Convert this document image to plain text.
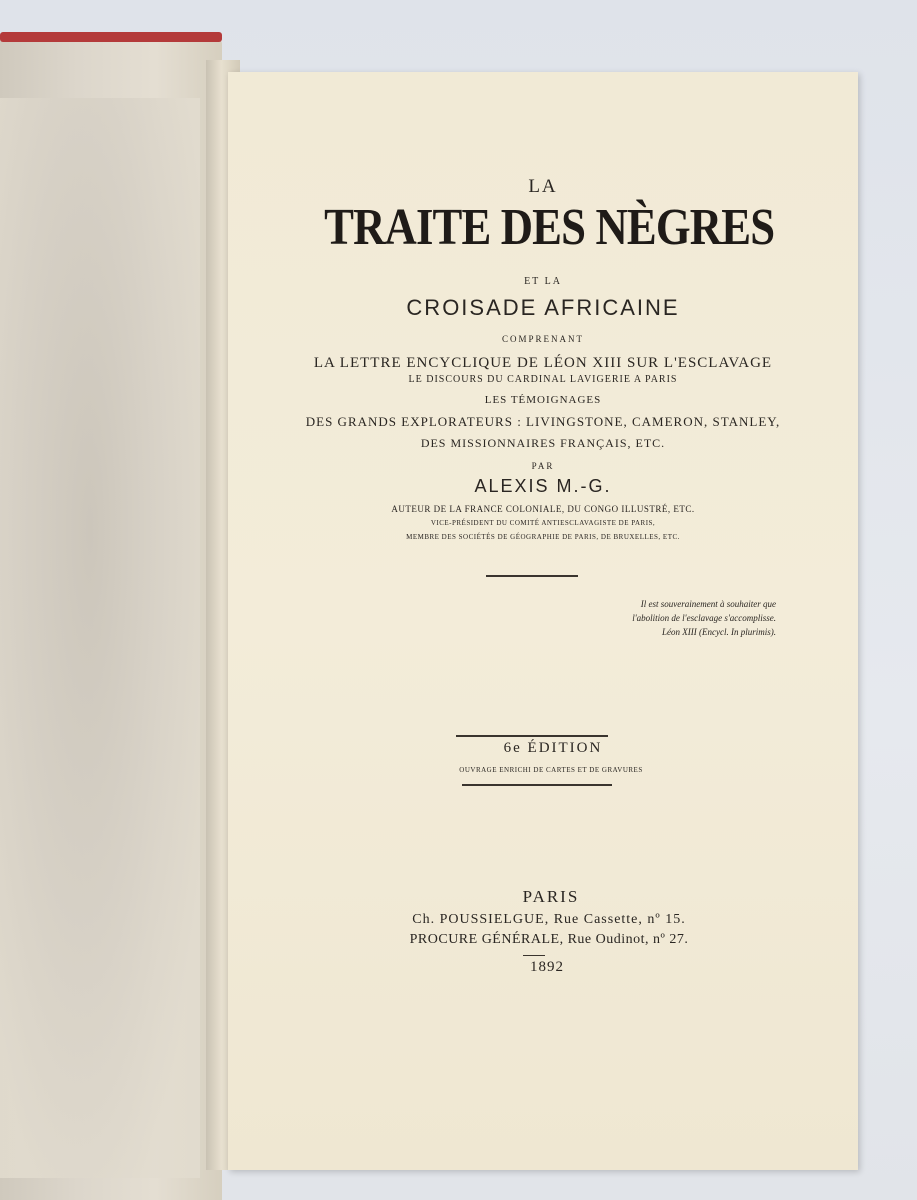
LA
TRAITE DES NÈGRES
ET LA
CROISADE AFRICAINE
COMPRENANT
LA LETTRE ENCYCLIQUE DE LÉON XIII SUR L'ESCLAVAGE
LE DISCOURS DU CARDINAL LAVIGERIE A PARIS
LES TÉMOIGNAGES
DES GRANDS EXPLORATEURS : LIVINGSTONE, CAMERON, STANLEY,
DES MISSIONNAIRES FRANÇAIS, ETC.
PAR
ALEXIS M.-G.
AUTEUR DE LA FRANCE COLONIALE, DU CONGO ILLUSTRÉ, ETC.
VICE-PRÉSIDENT DU COMITÉ ANTIESCLAVAGISTE DE PARIS,
MEMBRE DES SOCIÉTÉS DE GÉOGRAPHIE DE PARIS, DE BRUXELLES, ETC.
Il est souverainement à souhaiter que
l'abolition de l'esclavage s'accomplisse.
Léon XIII (Encycl. In plurimis).
6e ÉDITION
OUVRAGE ENRICHI DE CARTES ET DE GRAVURES
PARIS
Ch. POUSSIELGUE, Rue Cassette, nº 15.
PROCURE GÉNÉRALE, Rue Oudinot, nº 27.
1892
